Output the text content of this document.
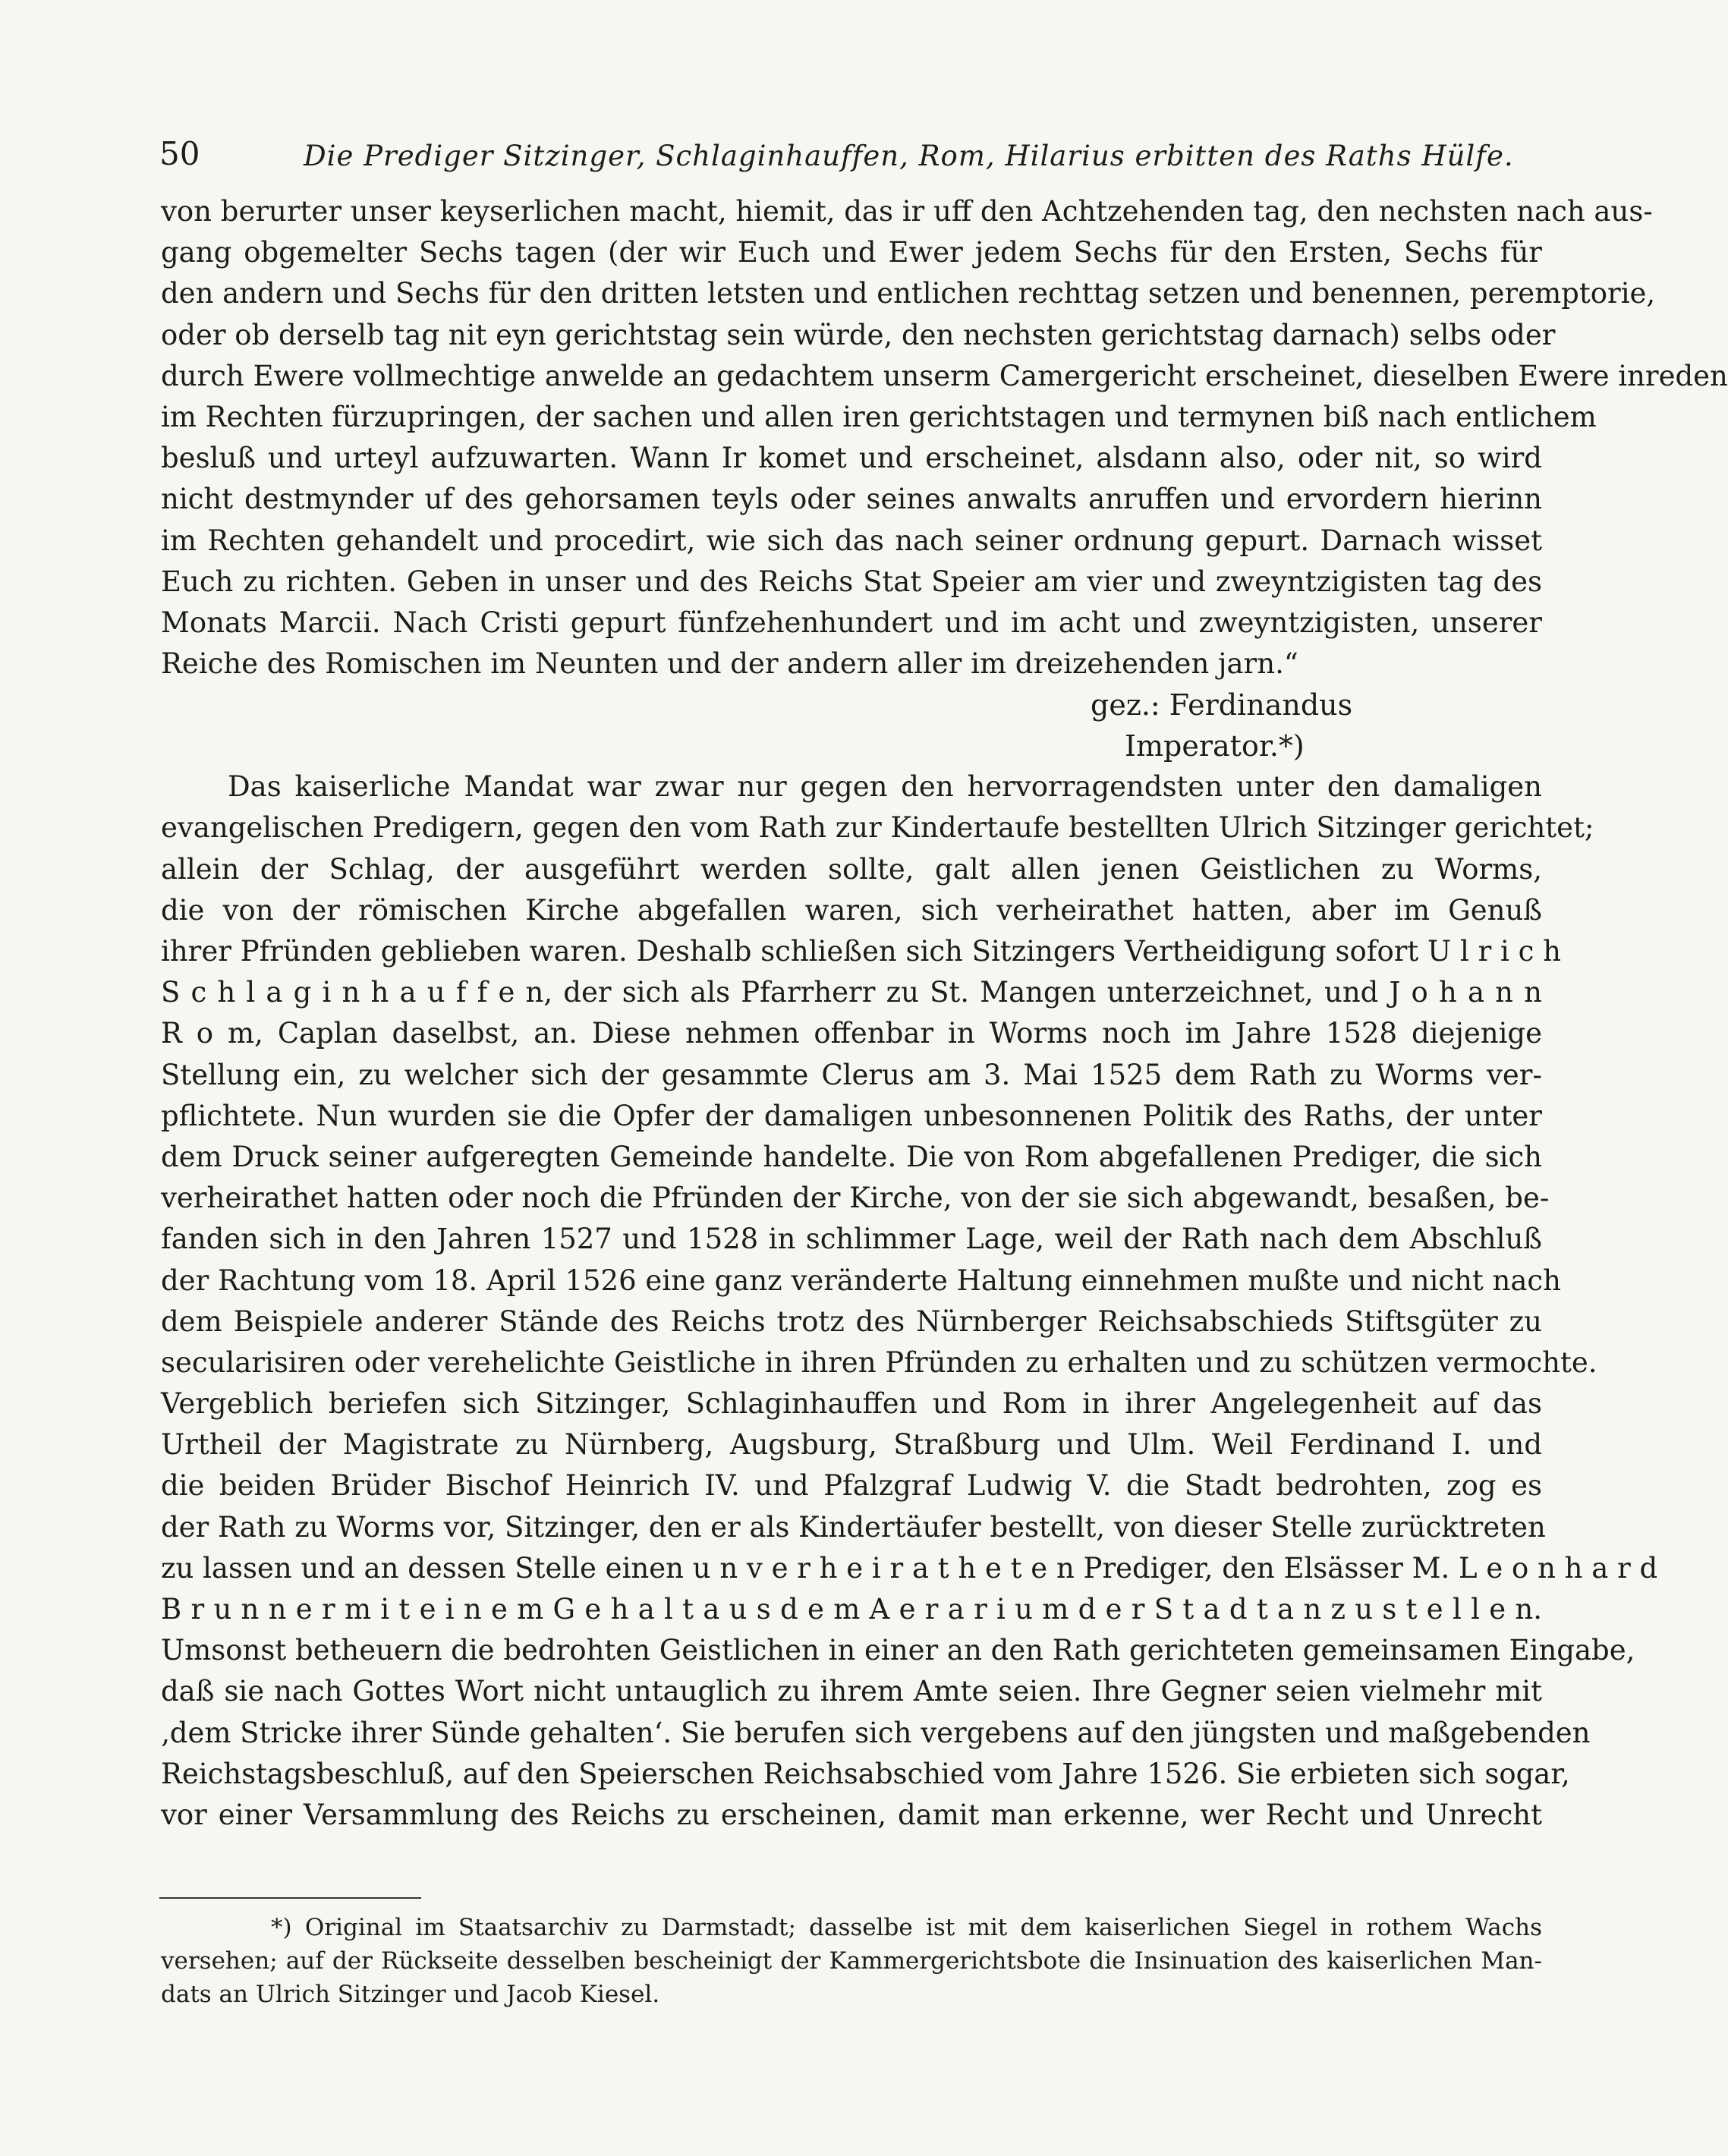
50	Die Prediger Sitzinger, Schlaginhauffen, Rom, Hilarius erbitten des Raths Hülfe.
von berurter unser keyserlichen macht, hiemit, das ir uff den Achtzehenden tag, den nechsten nach aus-
gang obgemelter Sechs tagen (der wir Euch und Ewer jedem Sechs für den Ersten, Sechs für
den andern und Sechs für den dritten letsten und entlichen rechttag setzen und benennen, peremptorie,
oder ob derselb tag nit eyn gerichtstag sein würde, den nechsten gerichtstag darnach) selbs oder
durch Ewere vollmechtige anwelde an gedachtem unserm Camergericht erscheinet, dieselben Ewere inreden
im Rechten fürzupringen, der sachen und allen iren gerichtstagen und termynen biß nach entlichem
besluß und urteyl aufzuwarten. Wann Ir komet und erscheinet, alsdann also, oder nit, so wird
nicht destmynder uf des gehorsamen teyls oder seines anwalts anruffen und ervordern hierinn
im Rechten gehandelt und procedirt, wie sich das nach seiner ordnung gepurt. Darnach wisset
Euch zu richten. Geben in unser und des Reichs Stat Speier am vier und zweyntzigisten tag des
Monats Marcii. Nach Cristi gepurt fünfzehenhundert und im acht und zweyntzigisten, unserer
Reiche des Romischen im Neunten und der andern aller im dreizehenden jarn.“
gez.: Ferdinandus
Imperator.*)
Das kaiserliche Mandat war zwar nur gegen den hervorragendsten unter den damaligen
evangelischen Predigern, gegen den vom Rath zur Kindertaufe bestellten Ulrich Sitzinger gerichtet;
allein der Schlag, der ausgeführt werden sollte, galt allen jenen Geistlichen zu Worms,
die von der römischen Kirche abgefallen waren, sich verheirathet hatten, aber im Genuß
ihrer Pfründen geblieben waren. Deshalb schließen sich Sitzingers Vertheidigung sofort U l r i c h
S c h l a g i n h a u f f e n, der sich als Pfarrherr zu St. Mangen unterzeichnet, und J o h a n n
R o m, Caplan daselbst, an. Diese nehmen offenbar in Worms noch im Jahre 1528 diejenige
Stellung ein, zu welcher sich der gesammte Clerus am 3. Mai 1525 dem Rath zu Worms ver-
pflichtete. Nun wurden sie die Opfer der damaligen unbesonnenen Politik des Raths, der unter
dem Druck seiner aufgeregten Gemeinde handelte. Die von Rom abgefallenen Prediger, die sich
verheirathet hatten oder noch die Pfründen der Kirche, von der sie sich abgewandt, besaßen, be-
fanden sich in den Jahren 1527 und 1528 in schlimmer Lage, weil der Rath nach dem Abschluß
der Rachtung vom 18. April 1526 eine ganz veränderte Haltung einnehmen mußte und nicht nach
dem Beispiele anderer Stände des Reichs trotz des Nürnberger Reichsabschieds Stiftsgüter zu
secularisiren oder verehelichte Geistliche in ihren Pfründen zu erhalten und zu schützen vermochte.
Vergeblich beriefen sich Sitzinger, Schlaginhauffen und Rom in ihrer Angelegenheit auf das
Urtheil der Magistrate zu Nürnberg, Augsburg, Straßburg und Ulm. Weil Ferdinand I. und
die beiden Brüder Bischof Heinrich IV. und Pfalzgraf Ludwig V. die Stadt bedrohten, zog es
der Rath zu Worms vor, Sitzinger, den er als Kindertäufer bestellt, von dieser Stelle zurücktreten
zu lassen und an dessen Stelle einen u n v e r h e i r a t h e t e n Prediger, den Elsässer M. L e o n h a r d
B r u n n e r m i t e i n e m G e h a l t a u s d e m A e r a r i u m d e r S t a d t a n z u s t e l l e n.
Umsonst betheuern die bedrohten Geistlichen in einer an den Rath gerichteten gemeinsamen Eingabe,
daß sie nach Gottes Wort nicht untauglich zu ihrem Amte seien. Ihre Gegner seien vielmehr mit
‚dem Stricke ihrer Sünde gehalten‘. Sie berufen sich vergebens auf den jüngsten und maßgebenden
Reichstagsbeschluß, auf den Speierschen Reichsabschied vom Jahre 1526. Sie erbieten sich sogar,
vor einer Versammlung des Reichs zu erscheinen, damit man erkenne, wer Recht und Unrecht
*) Original im Staatsarchiv zu Darmstadt; dasselbe ist mit dem kaiserlichen Siegel in rothem Wachs
versehen; auf der Rückseite desselben bescheinigt der Kammergerichtsbote die Insinuation des kaiserlichen Man-
dats an Ulrich Sitzinger und Jacob Kiesel.
